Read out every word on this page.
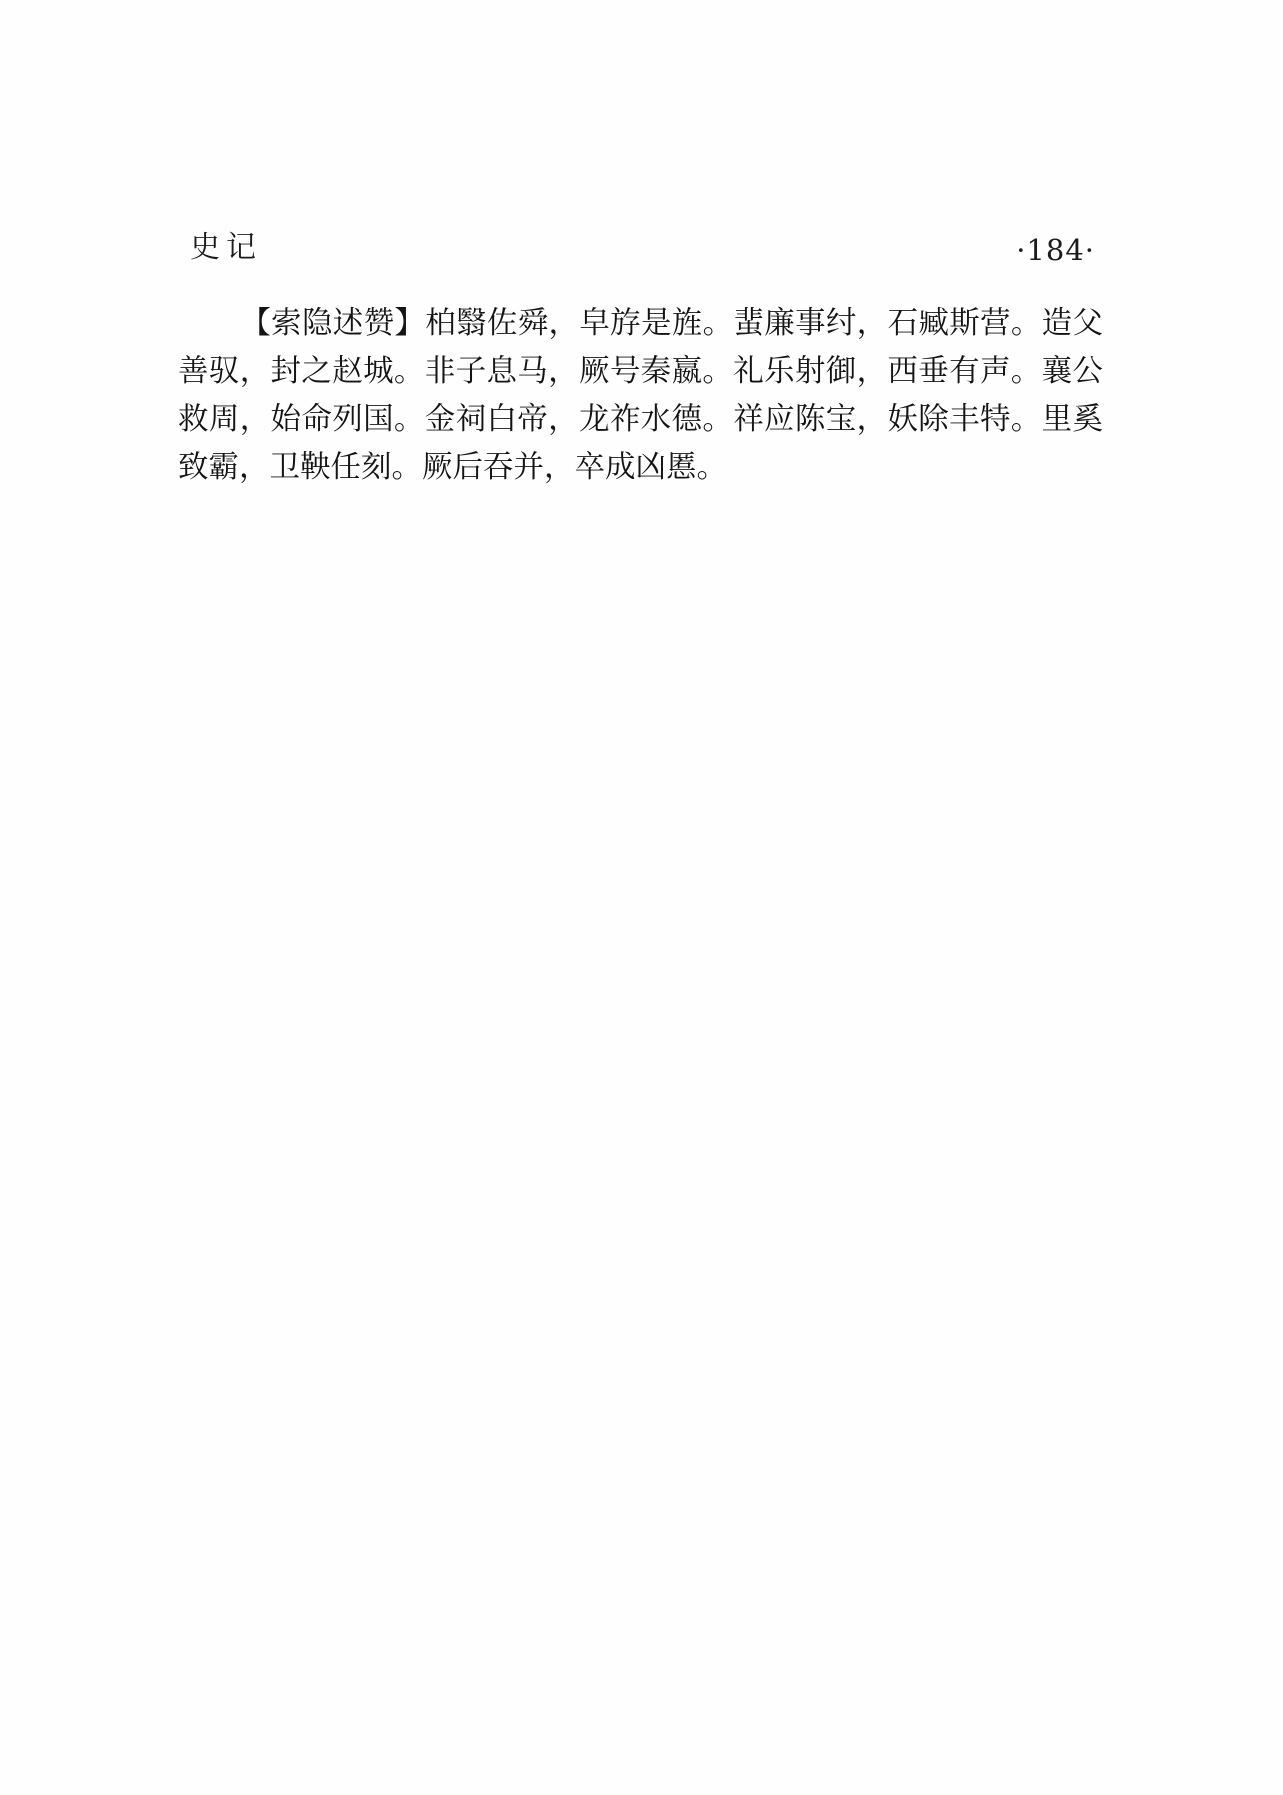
史记	·184·
【索隐述赞】柏翳佐舜，皁斿是旌。蜚廉事纣，石臧斯营。造父善驭，封之赵城。非子息马，厥号秦嬴。礼乐射御，西垂有声。襄公救周，始命列国。金祠白帝，龙祚水德。祥应陈宝，妖除丰特。里奚致霸，卫鞅任刻。厥后吞并，卒成凶慝。
